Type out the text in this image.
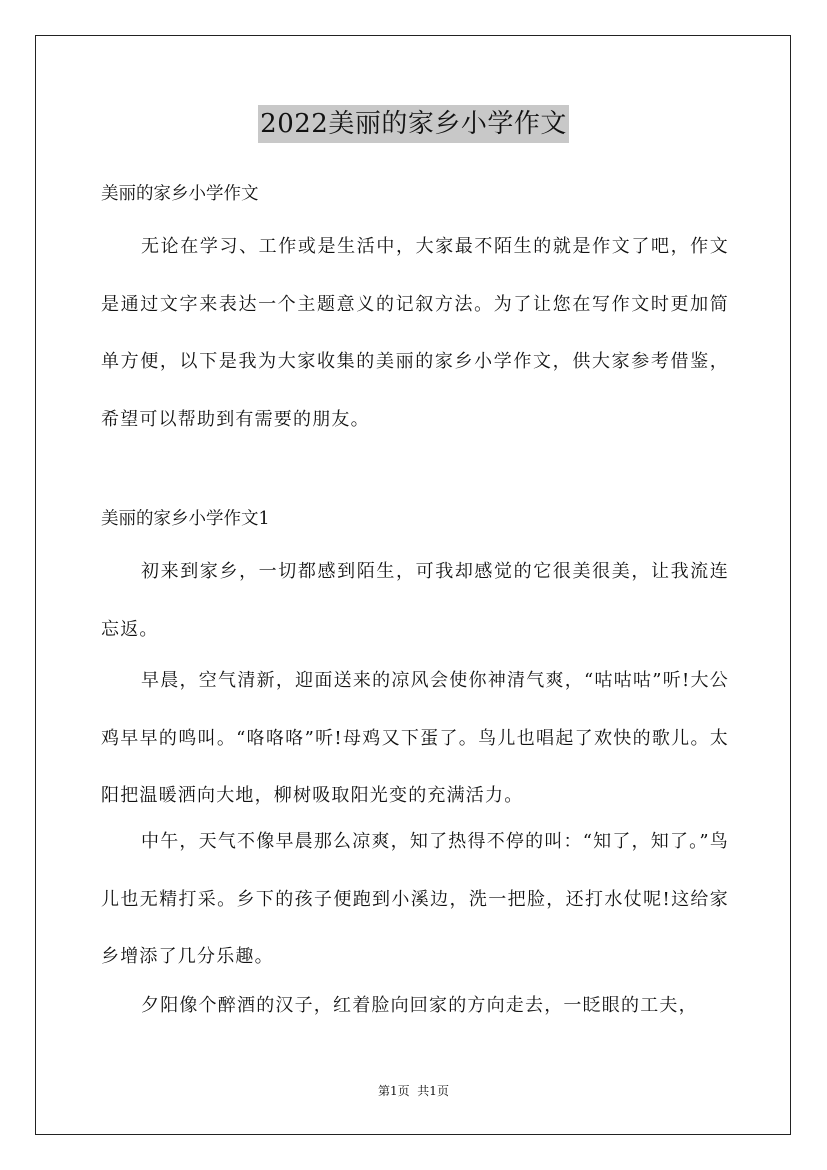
2022美丽的家乡小学作文

美丽的家乡小学作文

无论在学习、工作或是生活中，大家最不陌生的就是作文了吧，作文是通过文字来表达一个主题意义的记叙方法。为了让您在写作文时更加简单方便，以下是我为大家收集的美丽的家乡小学作文，供大家参考借鉴，希望可以帮助到有需要的朋友。

美丽的家乡小学作文1

初来到家乡，一切都感到陌生，可我却感觉的它很美很美，让我流连忘返。

早晨，空气清新，迎面送来的凉风会使你神清气爽，“咕咕咕”听!大公鸡早早的鸣叫。“咯咯咯”听!母鸡又下蛋了。鸟儿也唱起了欢快的歌儿。太阳把温暖洒向大地，柳树吸取阳光变的充满活力。

中午，天气不像早晨那么凉爽，知了热得不停的叫：“知了，知了。”鸟儿也无精打采。乡下的孩子便跑到小溪边，洗一把脸，还打水仗呢!这给家乡增添了几分乐趣。

夕阳像个醉酒的汉子，红着脸向回家的方向走去，一眨眼的工夫，

第1页  共1页
